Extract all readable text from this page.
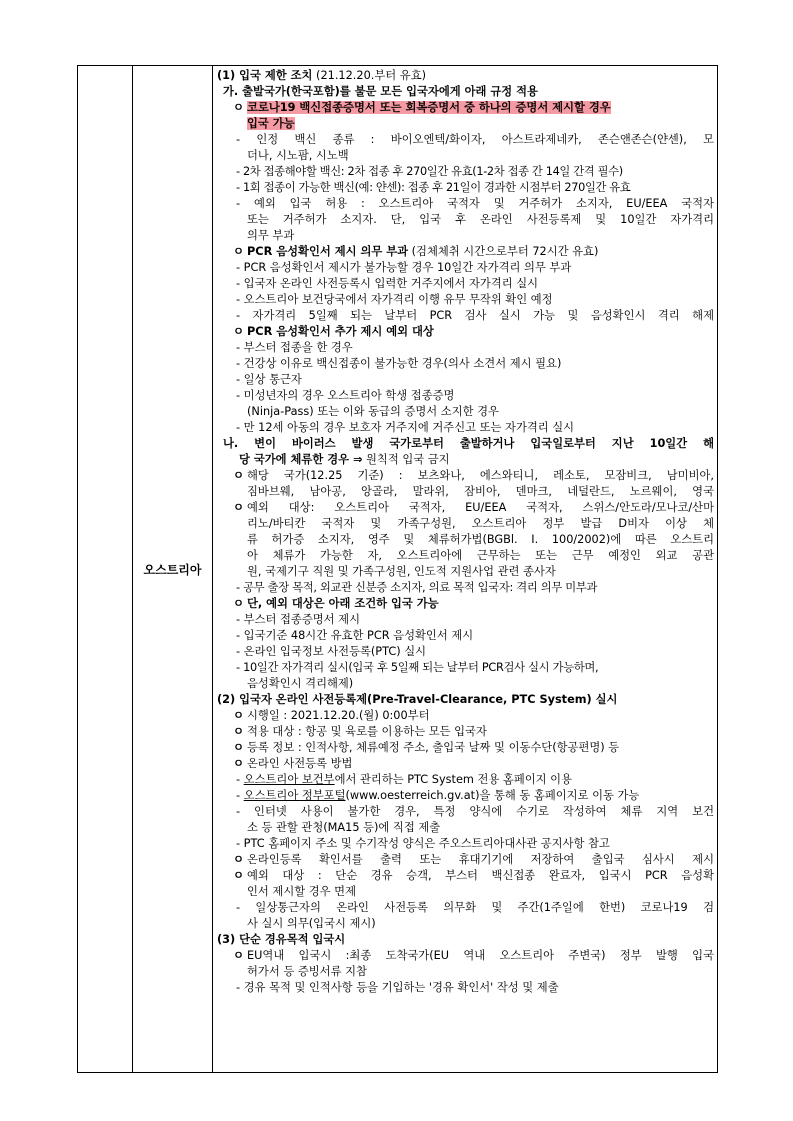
	오스트리아	
(1) 입국 제한 조치 (21.12.20.부터 유효)
가. 출발국가(한국포함)를 불문 모든 입국자에게 아래 규정 적용
ㅇ 코로나19 백신접종증명서 또는 회복증명서 중 하나의 증명서 제시할 경우
입국 가능
- 인정 백신 종류 : 바이오엔텍/화이자, 아스트라제네카, 존슨앤존슨(얀센), 모
더나, 시노팜, 시노백
- 2차 접종해야할 백신: 2차 접종 후 270일간 유효(1-2차 접종 간 14일 간격 필수)
- 1회 접종이 가능한 백신(예: 얀센): 접종 후 21일이 경과한 시점부터 270일간 유효
- 예외 입국 허용 : 오스트리아 국적자 및 거주허가 소지자, EU/EEA 국적자
또는 거주허가 소지자. 단, 입국 후 온라인 사전등록제 및 10일간 자가격리
의무 부과
ㅇ PCR 음성확인서 제시 의무 부과 (검체체취 시간으로부터 72시간 유효)
- PCR 음성확인서 제시가 불가능할 경우 10일간 자가격리 의무 부과
- 입국자 온라인 사전등록시 입력한 거주지에서 자가격리 실시
- 오스트리아 보건당국에서 자가격리 이행 유무 무작위 확인 예정
- 자가격리 5일째 되는 날부터 PCR 검사 실시 가능 및 음성확인시 격리 해제
ㅇ PCR 음성확인서 추가 제시 예외 대상
- 부스터 접종을 한 경우
- 건강상 이유로 백신접종이 불가능한 경우(의사 소견서 제시 필요)
- 일상 통근자
- 미성년자의 경우 오스트리아 학생 접종증명
(Ninja-Pass) 또는 이와 동급의 증명서 소지한 경우
- 만 12세 아동의 경우 보호자 거주지에 거주신고 또는 자가격리 실시
나. 변이 바이러스 발생 국가로부터 출발하거나 입국일로부터 지난 10일간 해
당 국가에 체류한 경우 ⇒ 원칙적 입국 금지
ㅇ 해당 국가(12.25 기준) : 보츠와나, 에스와티니, 레소토, 모잠비크, 남미비아,
짐바브웨, 남아공, 앙골라, 말라위, 잠비아, 덴마크, 네덜란드, 노르웨이, 영국
ㅇ 예외 대상: 오스트리아 국적자, EU/EEA 국적자, 스위스/안도라/모나코/산마
리노/바티칸 국적자 및 가족구성원, 오스트리아 정부 발급 D비자 이상 체
류 허가증 소지자, 영주 및 체류허가법(BGBl. I. 100/2002)에 따른 오스트리
아 체류가 가능한 자, 오스트리아에 근무하는 또는 근무 예정인 외교 공관
원, 국제기구 직원 및 가족구성원, 인도적 지원사업 관련 종사자
- 공무 출장 목적, 외교관 신분증 소지자, 의료 목적 입국자: 격리 의무 미부과
ㅇ 단, 예외 대상은 아래 조건하 입국 가능
- 부스터 접종증명서 제시
- 입국기준 48시간 유효한 PCR 음성확인서 제시
- 온라인 입국정보 사전등록(PTC) 실시
- 10일간 자가격리 실시(입국 후 5일째 되는 날부터 PCR검사 실시 가능하며,
음성확인시 격리해제)
(2) 입국자 온라인 사전등록제(Pre-Travel-Clearance, PTC System) 실시
ㅇ 시행일 : 2021.12.20.(월) 0:00부터
ㅇ 적용 대상 : 항공 및 육로를 이용하는 모든 입국자
ㅇ 등록 정보 : 인적사항, 체류예정 주소, 출입국 날짜 및 이동수단(항공편명) 등
ㅇ 온라인 사전등록 방법
- 오스트리아 보건부에서 관리하는 PTC System 전용 홈페이지 이용
- 오스트리아 정부포털(www.oesterreich.gv.at)을 통해 동 홈페이지로 이동 가능
- 인터넷 사용이 불가한 경우, 특정 양식에 수기로 작성하여 체류 지역 보건
소 등 관할 관청(MA15 등)에 직접 제출
- PTC 홈페이지 주소 및 수기작성 양식은 주오스트리아대사관 공지사항 참고
ㅇ 온라인등록 확인서를 출력 또는 휴대기기에 저장하여 출입국 심사시 제시
ㅇ 예외 대상 : 단순 경유 승객, 부스터 백신접종 완료자, 입국시 PCR 음성확
인서 제시할 경우 면제
- 일상통근자의 온라인 사전등록 의무화 및 주간(1주일에 한번) 코로나19 검
사 실시 의무(입국시 제시)
(3) 단순 경유목적 입국시
ㅇ EU역내 입국시 :최종 도착국가(EU 역내 오스트리아 주변국) 정부 발행 입국
허가서 등 증빙서류 지참
- 경유 목적 및 인적사항 등을 기입하는 '경유 확인서' 작성 및 제출
